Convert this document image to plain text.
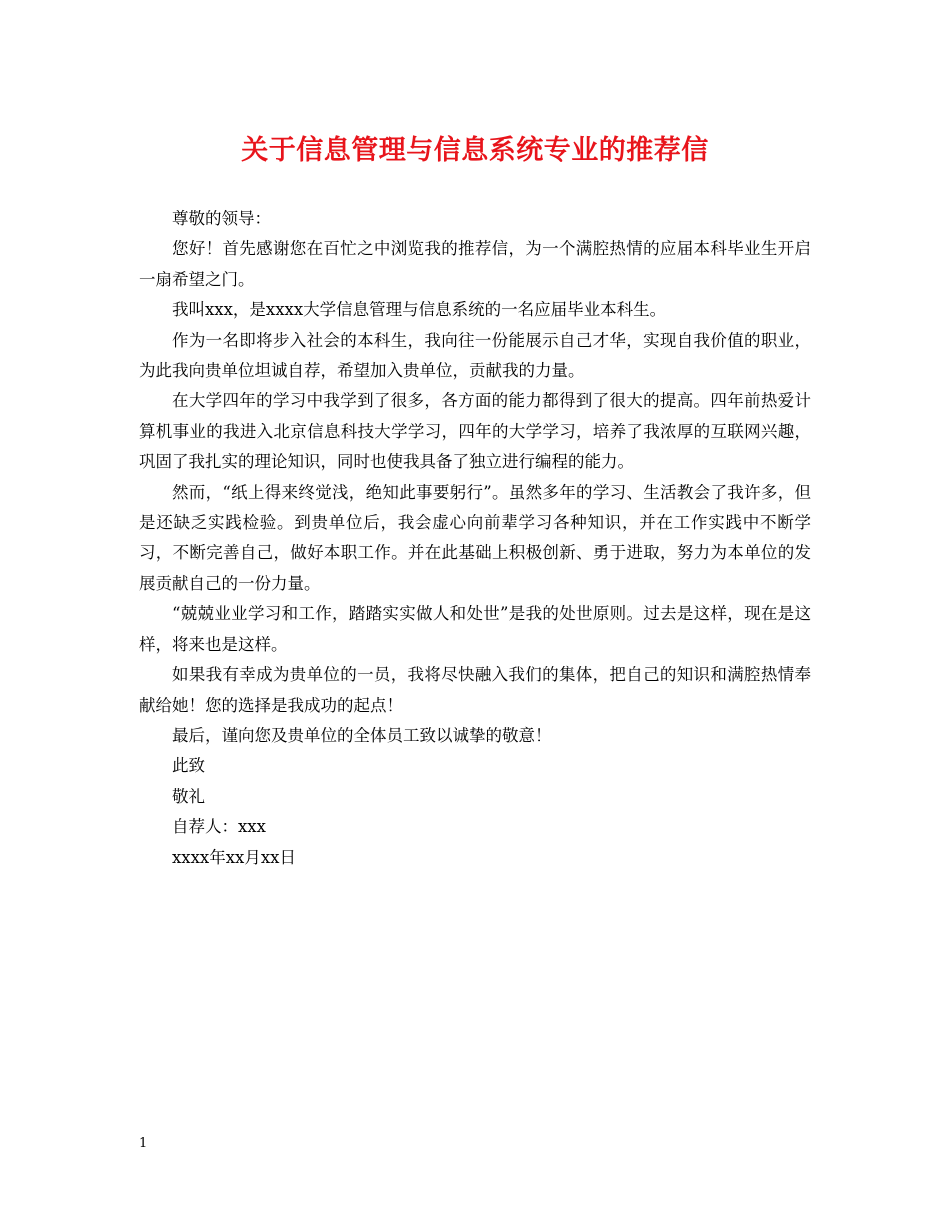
关于信息管理与信息系统专业的推荐信

尊敬的领导：

您好！首先感谢您在百忙之中浏览我的推荐信，为一个满腔热情的应届本科毕业生开启一扇希望之门。

我叫xxx，是xxxx大学信息管理与信息系统的一名应届毕业本科生。

作为一名即将步入社会的本科生，我向往一份能展示自己才华，实现自我价值的职业，为此我向贵单位坦诚自荐，希望加入贵单位，贡献我的力量。

在大学四年的学习中我学到了很多，各方面的能力都得到了很大的提高。四年前热爱计算机事业的我进入北京信息科技大学学习，四年的大学学习，培养了我浓厚的互联网兴趣，巩固了我扎实的理论知识，同时也使我具备了独立进行编程的能力。

然而，“纸上得来终觉浅，绝知此事要躬行”。虽然多年的学习、生活教会了我许多，但是还缺乏实践检验。到贵单位后，我会虚心向前辈学习各种知识，并在工作实践中不断学习，不断完善自己，做好本职工作。并在此基础上积极创新、勇于进取，努力为本单位的发展贡献自己的一份力量。

“兢兢业业学习和工作，踏踏实实做人和处世”是我的处世原则。过去是这样，现在是这样，将来也是这样。

如果我有幸成为贵单位的一员，我将尽快融入我们的集体，把自己的知识和满腔热情奉献给她！您的选择是我成功的起点！

最后，谨向您及贵单位的全体员工致以诚挚的敬意！

此致

敬礼

自荐人：xxx

xxxx年xx月xx日

1
